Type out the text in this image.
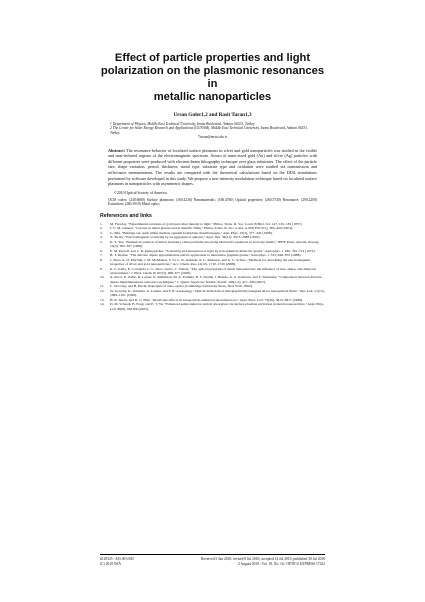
Effect of particle properties and light
polarization on the plasmonic resonances in
metallic nanoparticles
Ursan Guler1,2 and Rasit Turan1,3
1 Department of Physics, Middle East Technical University, Inonu Boulevard, Ankara 06531, Turkey
2 The Center for Solar Energy Research and Applications (GUNAM), Middle East Technical University, Inonu Boulevard, Ankara 06531, Turkey
*turan@metu.edu.tr
Abstract: The resonance behavior of localized surface plasmons in silver and gold nanoparticles was studied in the visible and near-infrared regions of the electromagnetic spectrum. Arrays of nano-sized gold (Au) and silver (Ag) particles with different properties were produced with electron-beam lithography technique over glass substrates. The effect of the particle size, shape variation, period, thickness, metal type, substrate type and oxidation were studied via transmission and reflectance measurements. The results are compared with the theoretical calculations based on the DDA simulations performed by software developed in this study. We propose a new intensity modulation technique based on localized surface plasmons in nanoparticles with asymmetric shapes.
©2010 Optical Society of America
OCIS codes: (240.6680) Surface plasmons; (160.4236) Nanomaterials; (160.4760) Optical properties; (260.5740) Resonance; (290.2200) Extinction; (260.3910) Metal optics
References and links
1.	M. Faraday, "Experimental relations of gold (and other metals) to light," Philos. Trans. R. Soc. Lond. B Biol. Sci. 147, 145–181 (1857).
2.	J. C. M. Garnett, "Colours in metal glasses and in metallic films," Philos. Trans. R. Soc. Lond. A 203(359-371), 385–420 (1904).
3.	G. Mie, "Beiträge zur optik trüber medien, speziell kolloidaler metallösungen," Ann. Phys. 25(3), 377–445 (1908).
4.	X. Yu-lin, "Electromagnetic scattering by an aggregate of spheres," Appl. Opt. 34(21), 4573–4588 (1995).
5.	K. S. Yee, "Numerical solution of initial boundary value problems involving Maxwell's equations in isotropic media," IEEE Trans. Antenn. Propag. 14(3), 302–307 (1966).
6.	E. M. Purcell, and C. R. Pennypacker, "Scattering and absorption of light by non-spherical dielectric grains," Astrophys. J. 186, 705–714 (1973).
7.	B. T. Draine, "The discrete dipole approximation and its application to interstellar graphite grains," Astrophys. J. 333, 848–872 (1988).
8.	J. Zhao, A. O. Pinchuk, J. M. McMahon, S. Li, L. K. Ausman, A. L. Atkinson, and G. C. Schatz, "Methods for describing the electromagnetic properties of silver and gold nanoparticles," Acc. Chem. Res. 41(12), 1710–1720 (2008).
9.	K. L. Kelly, E. Coronado, L. L. Zhao, and G. C. Schatz, "The optical properties of metal nanoparticles: the influence of size, shape, and dielectric environment," J. Phys. Chem. B 107(3), 668–677 (2003).
10.	A. Pucci, E. Zahlo, K. Lesser, K. Malmsten, M. A. Yoshida, B. T. Draine, J. Beleda, A. G. Konforta, and V. Sukenaka, "Comparison between discrete dipole implementations and exact techniques," J. Quant. Spectrosc. Radiat. Transf. 106(1-3), 417–436 (2007).
11.	L. Novotny, and B. Hecht, Principles of nano-optics (Cambridge University Press, New York, 2006).
12.	W. Gotschy, K. Vonmetz, A. Leitner, and F. R. Aussenegg, "Optical dichroism of lithographically designed silver nanoparticle films," Opt. Lett. 21(15), 1099–1101 (1996).
13.	H. R. Stuart, and D. G. Hall, "Island size effects in nanoparticle-enhanced photodetectors," Appl. Phys. Lett. 73(26), 3815–3817 (1998).
14.	D. M. Schaadt, B. Feng, and E. T. Yu, "Enhanced semiconductor optical absorption via surface plasmon excitation in metal nanoparticles," Appl. Phys. Lett. 86(6), 063106 (2005).
#129325 - $15.00 USD	Received 5 Jun 2010; revised 8 Jul 2010; accepted 14 Jul 2010; published 30 Jul 2010
(C) 2010 OSA	2 August 2010 / Vol. 18, No. 16 / OPTICS EXPRESS 17322
